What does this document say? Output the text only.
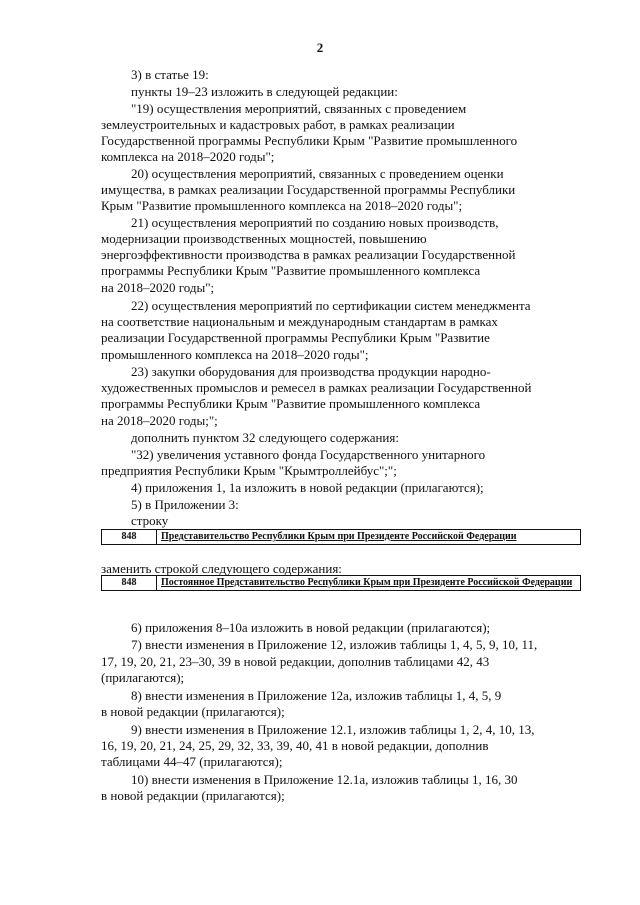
2
3) в статье 19:
пункты 19–23 изложить в следующей редакции:
"19) осуществления мероприятий, связанных с проведением
землеустроительных и кадастровых работ, в рамках реализации
Государственной программы Республики Крым "Развитие промышленного
комплекса на 2018–2020 годы";
20) осуществления мероприятий, связанных с проведением оценки
имущества, в рамках реализации Государственной программы Республики
Крым "Развитие промышленного комплекса на 2018–2020 годы";
21) осуществления мероприятий по созданию новых производств,
модернизации производственных мощностей, повышению
энергоэффективности производства в рамках реализации Государственной
программы Республики Крым "Развитие промышленного комплекса
на 2018–2020 годы";
22) осуществления мероприятий по сертификации систем менеджмента
на соответствие национальным и международным стандартам в рамках
реализации Государственной программы Республики Крым "Развитие
промышленного комплекса на 2018–2020 годы";
23) закупки оборудования для производства продукции народно-
художественных промыслов и ремесел в рамках реализации Государственной
программы Республики Крым "Развитие промышленного комплекса
на 2018–2020 годы;";
дополнить пунктом 32 следующего содержания:
"32) увеличения уставного фонда Государственного унитарного
предприятия Республики Крым "Крымтроллейбус";";
4) приложения 1, 1а изложить в новой редакции (прилагаются);
5) в Приложении 3:
строку
848	Представительство Республики Крым при Президенте Российской Федерации
заменить строкой следующего содержания:
848	Постоянное Представительство Республики Крым при Президенте Российской Федерации
6) приложения 8–10а изложить в новой редакции (прилагаются);
7) внести изменения в Приложение 12, изложив таблицы 1, 4, 5, 9, 10, 11,
17, 19, 20, 21, 23–30, 39 в новой редакции, дополнив таблицами 42, 43
(прилагаются);
8) внести изменения в Приложение 12а, изложив таблицы 1, 4, 5, 9
в новой редакции (прилагаются);
9) внести изменения в Приложение 12.1, изложив таблицы 1, 2, 4, 10, 13,
16, 19, 20, 21, 24, 25, 29, 32, 33, 39, 40, 41 в новой редакции, дополнив
таблицами 44–47 (прилагаются);
10) внести изменения в Приложение 12.1а, изложив таблицы 1, 16, 30
в новой редакции (прилагаются);
